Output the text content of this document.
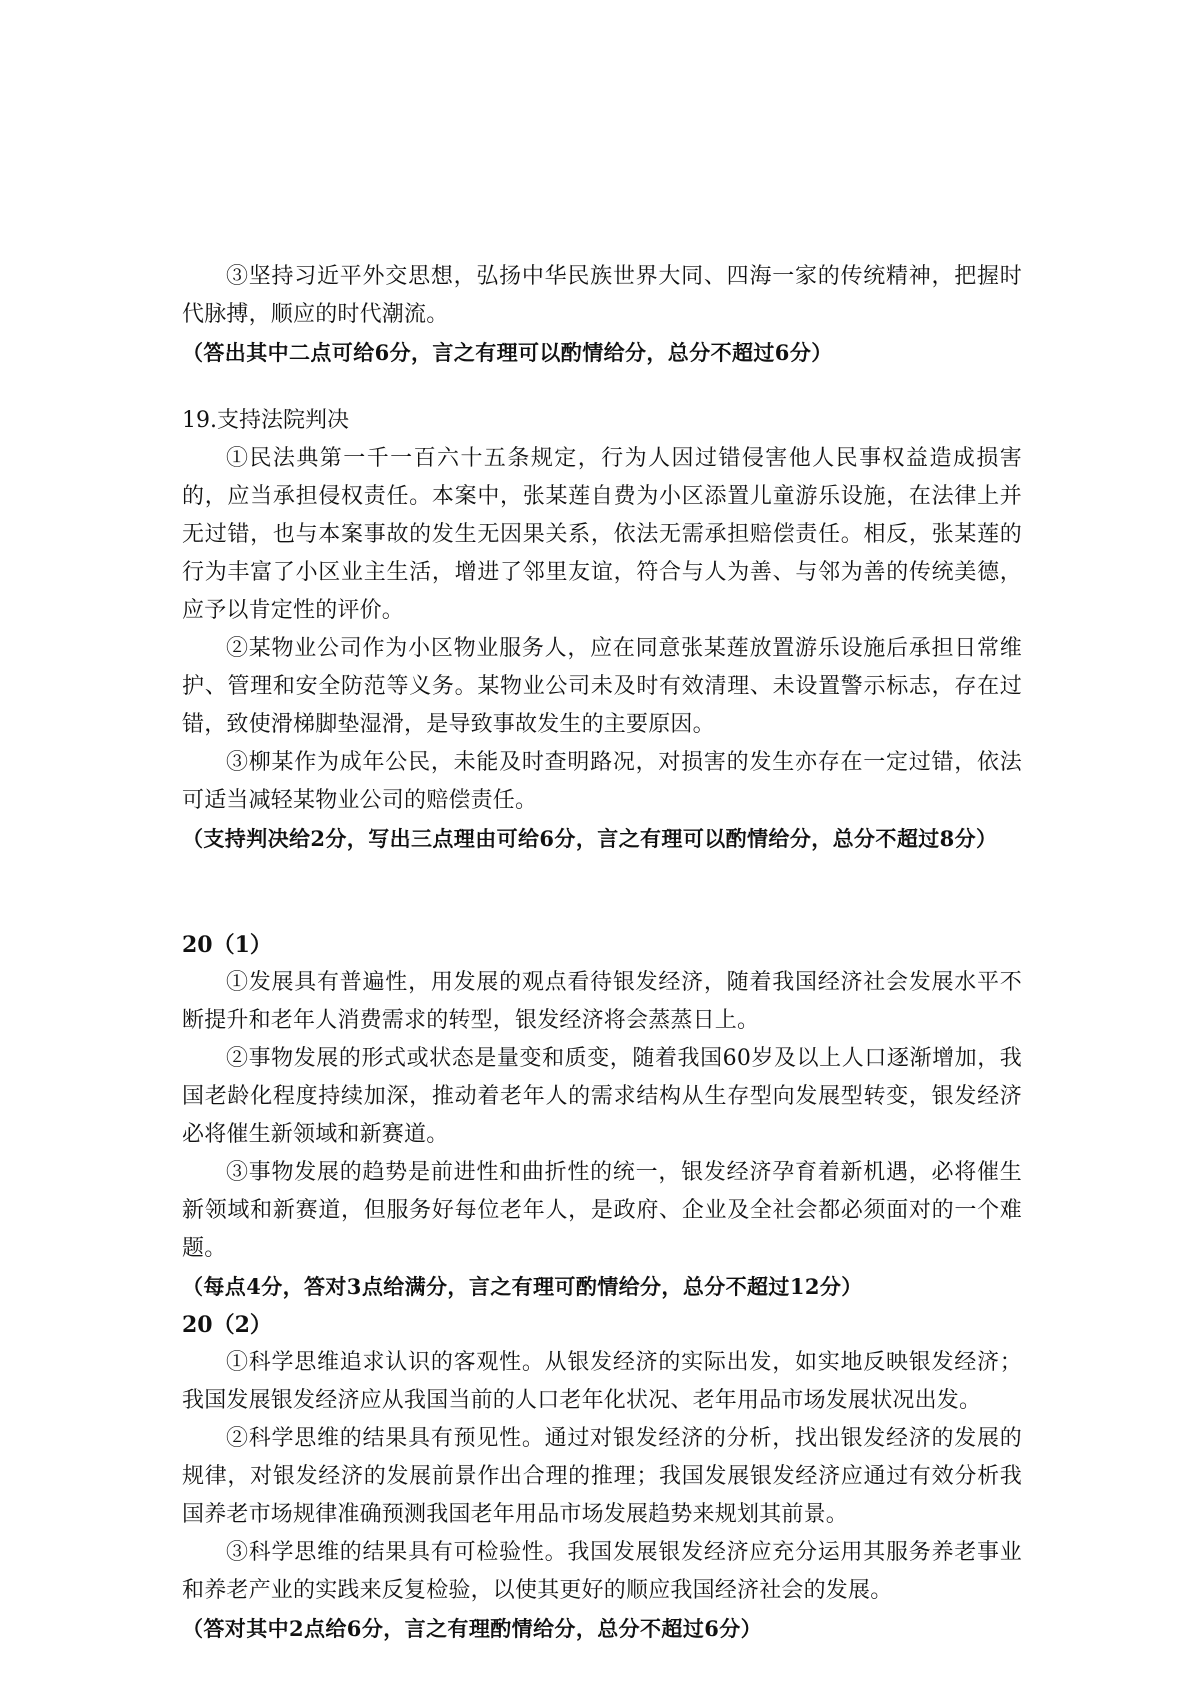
③坚持习近平外交思想，弘扬中华民族世界大同、四海一家的传统精神，把握时代脉搏，顺应的时代潮流。

（答出其中二点可给6分，言之有理可以酌情给分，总分不超过6分）

19.支持法院判决

①民法典第一千一百六十五条规定，行为人因过错侵害他人民事权益造成损害的，应当承担侵权责任。本案中，张某莲自费为小区添置儿童游乐设施，在法律上并无过错，也与本案事故的发生无因果关系，依法无需承担赔偿责任。相反，张某莲的行为丰富了小区业主生活，增进了邻里友谊，符合与人为善、与邻为善的传统美德，应予以肯定性的评价。

②某物业公司作为小区物业服务人，应在同意张某莲放置游乐设施后承担日常维护、管理和安全防范等义务。某物业公司未及时有效清理、未设置警示标志，存在过错，致使滑梯脚垫湿滑，是导致事故发生的主要原因。

③柳某作为成年公民，未能及时查明路况，对损害的发生亦存在一定过错，依法可适当减轻某物业公司的赔偿责任。

（支持判决给2分，写出三点理由可给6分，言之有理可以酌情给分，总分不超过8分）

20（1）

①发展具有普遍性，用发展的观点看待银发经济，随着我国经济社会发展水平不断提升和老年人消费需求的转型，银发经济将会蒸蒸日上。

②事物发展的形式或状态是量变和质变，随着我国60岁及以上人口逐渐增加，我国老龄化程度持续加深，推动着老年人的需求结构从生存型向发展型转变，银发经济必将催生新领域和新赛道。

③事物发展的趋势是前进性和曲折性的统一，银发经济孕育着新机遇，必将催生新领域和新赛道，但服务好每位老年人，是政府、企业及全社会都必须面对的一个难题。

（每点4分，答对3点给满分，言之有理可酌情给分，总分不超过12分）

20（2）

①科学思维追求认识的客观性。从银发经济的实际出发，如实地反映银发经济；我国发展银发经济应从我国当前的人口老年化状况、老年用品市场发展状况出发。

②科学思维的结果具有预见性。通过对银发经济的分析，找出银发经济的发展的规律，对银发经济的发展前景作出合理的推理；我国发展银发经济应通过有效分析我国养老市场规律准确预测我国老年用品市场发展趋势来规划其前景。

③科学思维的结果具有可检验性。我国发展银发经济应充分运用其服务养老事业和养老产业的实践来反复检验，以使其更好的顺应我国经济社会的发展。

（答对其中2点给6分，言之有理酌情给分，总分不超过6分）
